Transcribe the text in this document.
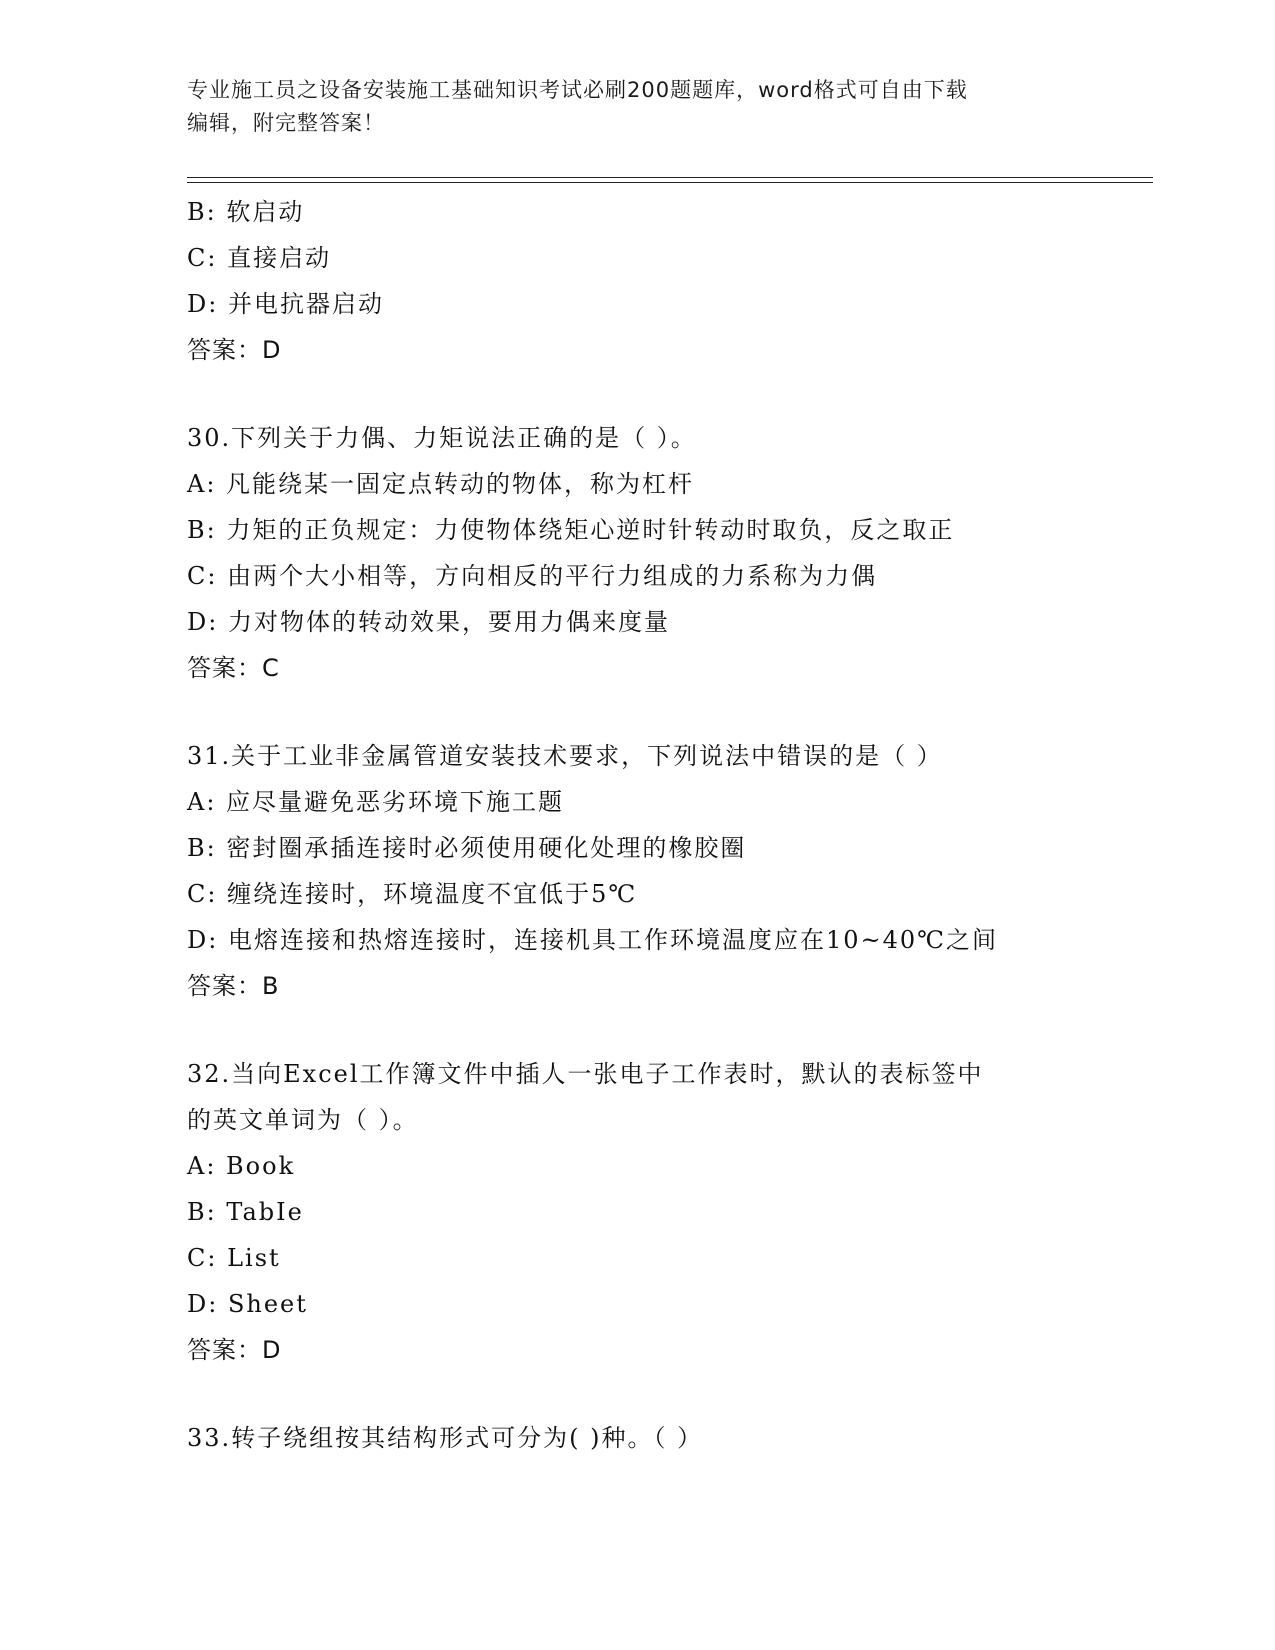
专业施工员之设备安装施工基础知识考试必刷200题题库，word格式可自由下载
编辑，附完整答案！
B: 软启动
C: 直接启动
D: 并电抗器启动
答案：D
30.下列关于力偶、力矩说法正确的是（ ）。
A: 凡能绕某一固定点转动的物体，称为杠杆
B: 力矩的正负规定：力使物体绕矩心逆时针转动时取负，反之取正
C: 由两个大小相等，方向相反的平行力组成的力系称为力偶
D: 力对物体的转动效果，要用力偶来度量
答案：C
31.关于工业非金属管道安装技术要求，下列说法中错误的是（ ）
A: 应尽量避免恶劣环境下施工题
B: 密封圈承插连接时必须使用硬化处理的橡胶圈
C: 缠绕连接时，环境温度不宜低于5℃
D: 电熔连接和热熔连接时，连接机具工作环境温度应在10~40℃之间
答案：B
32.当向Excel工作簿文件中插人一张电子工作表时，默认的表标签中
的英文单词为（ ）。
A: Book
B: TabIe
C: List
D: Sheet
答案：D
33.转子绕组按其结构形式可分为( )种。（ ）
